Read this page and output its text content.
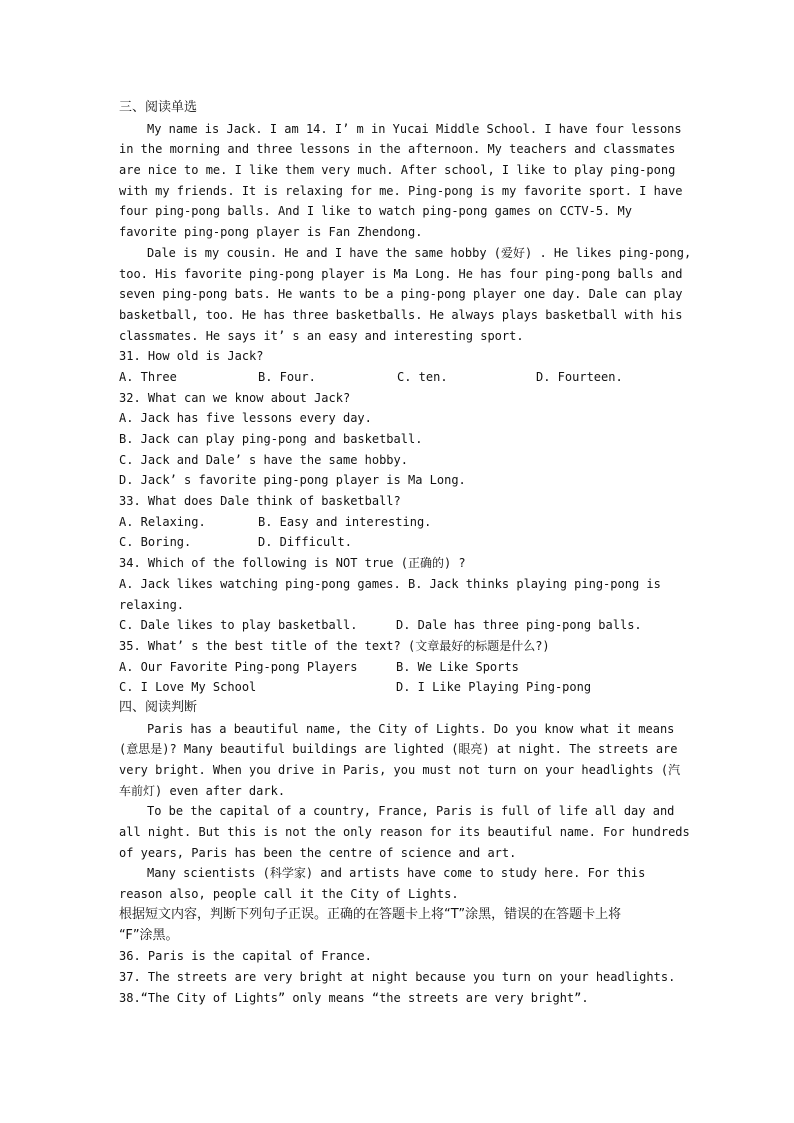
三、阅读单选
My name is Jack. I am 14. I’ m in Yucai Middle School. I have four lessons
in the morning and three lessons in the afternoon. My teachers and classmates
are nice to me. I like them very much. After school, I like to play ping-pong
with my friends. It is relaxing for me. Ping-pong is my favorite sport. I have
four ping-pong balls. And I like to watch ping-pong games on CCTV-5. My
favorite ping-pong player is Fan Zhendong.
Dale is my cousin. He and I have the same hobby (爱好) . He likes ping-pong,
too. His favorite ping-pong player is Ma Long. He has four ping-pong balls and
seven ping-pong bats. He wants to be a ping-pong player one day. Dale can play
basketball, too. He has three basketballs. He always plays basketball with his
classmates. He says it’ s an easy and interesting sport.
31. How old is Jack?
A. Three	B. Four.	C. ten.	D. Fourteen.
32. What can we know about Jack?
A. Jack has five lessons every day.
B. Jack can play ping-pong and basketball.
C. Jack and Dale’ s have the same hobby.
D. Jack’ s favorite ping-pong player is Ma Long.
33. What does Dale think of basketball?
A. Relaxing.	B. Easy and interesting.
C. Boring.	D. Difficult.
34. Which of the following is NOT true (正确的) ?
A. Jack likes watching ping-pong games. B. Jack thinks playing ping-pong is
relaxing.
C. Dale likes to play basketball.	D. Dale has three ping-pong balls.
35. What’ s the best title of the text? (文章最好的标题是什么?)
A. Our Favorite Ping-pong Players	B. We Like Sports
C. I Love My School	D. I Like Playing Ping-pong
四、阅读判断
Paris has a beautiful name, the City of Lights. Do you know what it means
(意思是)? Many beautiful buildings are lighted (眼亮) at night. The streets are
very bright. When you drive in Paris, you must not turn on your headlights (汽
车前灯) even after dark.
To be the capital of a country, France, Paris is full of life all day and
all night. But this is not the only reason for its beautiful name. For hundreds
of years, Paris has been the centre of science and art.
Many scientists (科学家) and artists have come to study here. For this
reason also, people call it the City of Lights.
根据短文内容，判断下列句子正误。正确的在答题卡上将“T”涂黑，错误的在答题卡上将
“F”涂黑。
36. Paris is the capital of France.
37. The streets are very bright at night because you turn on your headlights.
38.“The City of Lights” only means “the streets are very bright”.
